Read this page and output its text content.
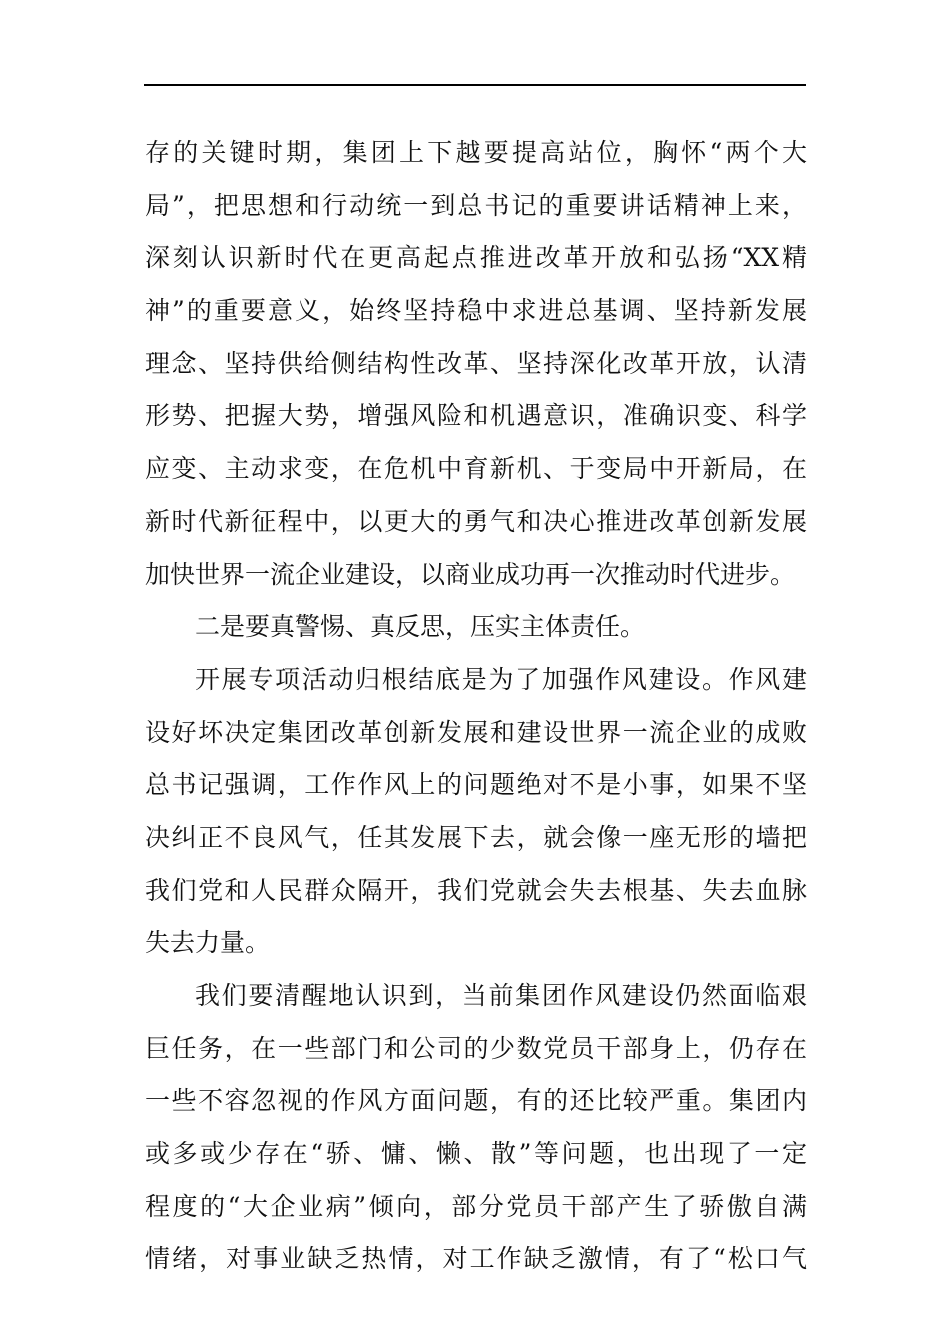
存的关键时期，集团上下越要提高站位，胸怀“两个大
局”，把思想和行动统一到总书记的重要讲话精神上来，
深刻认识新时代在更高起点推进改革开放和弘扬“XX精
神”的重要意义，始终坚持稳中求进总基调、坚持新发展
理念、坚持供给侧结构性改革、坚持深化改革开放，认清
形势、把握大势，增强风险和机遇意识，准确识变、科学
应变、主动求变，在危机中育新机、于变局中开新局，在
新时代新征程中，以更大的勇气和决心推进改革创新发展
加快世界一流企业建设，以商业成功再一次推动时代进步。
二是要真警惕、真反思，压实主体责任。
开展专项活动归根结底是为了加强作风建设。作风建
设好坏决定集团改革创新发展和建设世界一流企业的成败
总书记强调，工作作风上的问题绝对不是小事，如果不坚
决纠正不良风气，任其发展下去，就会像一座无形的墙把
我们党和人民群众隔开，我们党就会失去根基、失去血脉
失去力量。
我们要清醒地认识到，当前集团作风建设仍然面临艰
巨任务，在一些部门和公司的少数党员干部身上，仍存在
一些不容忽视的作风方面问题，有的还比较严重。集团内
或多或少存在“骄、慵、懒、散”等问题，也出现了一定
程度的“大企业病”倾向，部分党员干部产生了骄傲自满
情绪，对事业缺乏热情，对工作缺乏激情，有了“松口气
